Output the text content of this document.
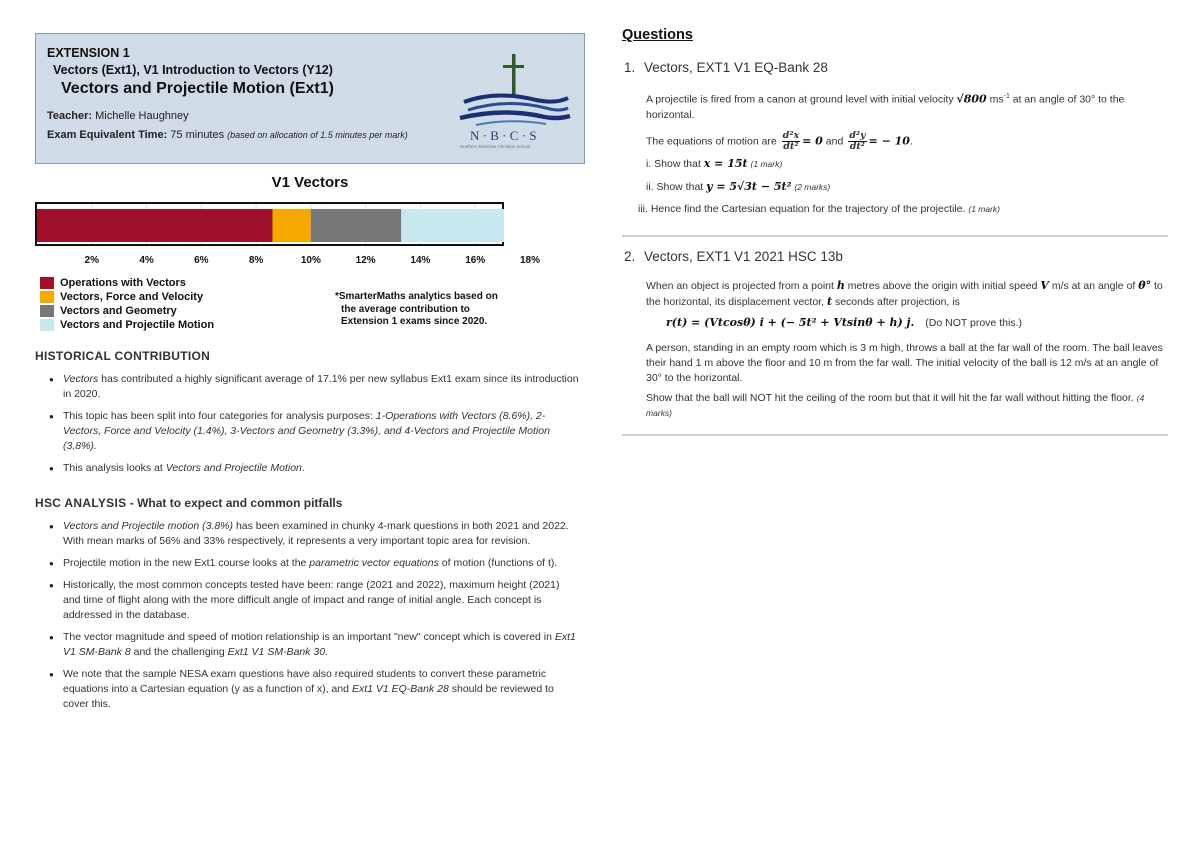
EXTENSION 1
Vectors (Ext1), V1 Introduction to Vectors (Y12)
Vectors and Projectile Motion (Ext1)
Teacher: Michelle Haughney
Exam Equivalent Time: 75 minutes (based on allocation of 1.5 minutes per mark)	N · B · C · S
Northern Beaches Christian School
V1 Vectors
2%	4%	6%	8%	10%	12%	14%	16%	18%
Operations with Vectors
Vectors, Force and Velocity
Vectors and Geometry
Vectors and Projectile Motion
*SmarterMaths analytics based on
the average contribution to
Extension 1 exams since 2020.
HISTORICAL CONTRIBUTION
● Vectors has contributed a highly significant average of 17.1% per new syllabus Ext1 exam since its introduction in 2020.
● This topic has been split into four categories for analysis purposes: 1-Operations with Vectors (8.6%), 2-Vectors, Force and Velocity (1.4%), 3-Vectors and Geometry (3.3%), and 4-Vectors and Projectile Motion (3.8%).
● This analysis looks at Vectors and Projectile Motion.
HSC ANALYSIS - What to expect and common pitfalls
● Vectors and Projectile motion (3.8%) has been examined in chunky 4-mark questions in both 2021 and 2022. With mean marks of 56% and 33% respectively, it represents a very important topic area for revision.
● Projectile motion in the new Ext1 course looks at the parametric vector equations of motion (functions of t).
● Historically, the most common concepts tested have been: range (2021 and 2022), maximum height (2021) and time of flight along with the more difficult angle of impact and range of initial angle. Each concept is addressed in the database.
● The vector magnitude and speed of motion relationship is an important "new" concept which is covered in Ext1 V1 SM-Bank 8 and the challenging Ext1 V1 SM-Bank 30.
● We note that the sample NESA exam questions have also required students to convert these parametric equations into a Cartesian equation (y as a function of x), and Ext1 V1 EQ-Bank 28 should be reviewed to cover this.
Questions
1. Vectors, EXT1 V1 EQ-Bank 28
A projectile is fired from a canon at ground level with initial velocity √800 $ms^{-1}$ at an angle of 30° to the horizontal.
The equations of motion are $\frac{\text{d²x}}{\text{dt²}} = 0$ and $\frac{\text{d²y}}{\text{dt²}}$ = − 10.
i. Show that x = 15t (1 mark)
ii. Show that y = 5√3t − 5t² (2 marks)
iii. Hence find the Cartesian equation for the trajectory of the projectile. (1 mark)
2. Vectors, EXT1 V1 2021 HSC 13b
When an object is projected from a point h metres above the origin with initial speed V m/s at an angle of θ° to the horizontal, its displacement vector, t seconds after projection, is
r(t) = (Vtcosθ) i + (− 5t² + Vtsinθ + h) j. (Do NOT prove this.)
A person, standing in an empty room which is 3 m high, throws a ball at the far wall of the room. The ball leaves their hand 1 m above the floor and 10 m from the far wall. The initial velocity of the ball is 12 m/s at an angle of 30° to the horizontal.
Show that the ball will NOT hit the ceiling of the room but that it will hit the far wall without hitting the floor. (4 marks)
